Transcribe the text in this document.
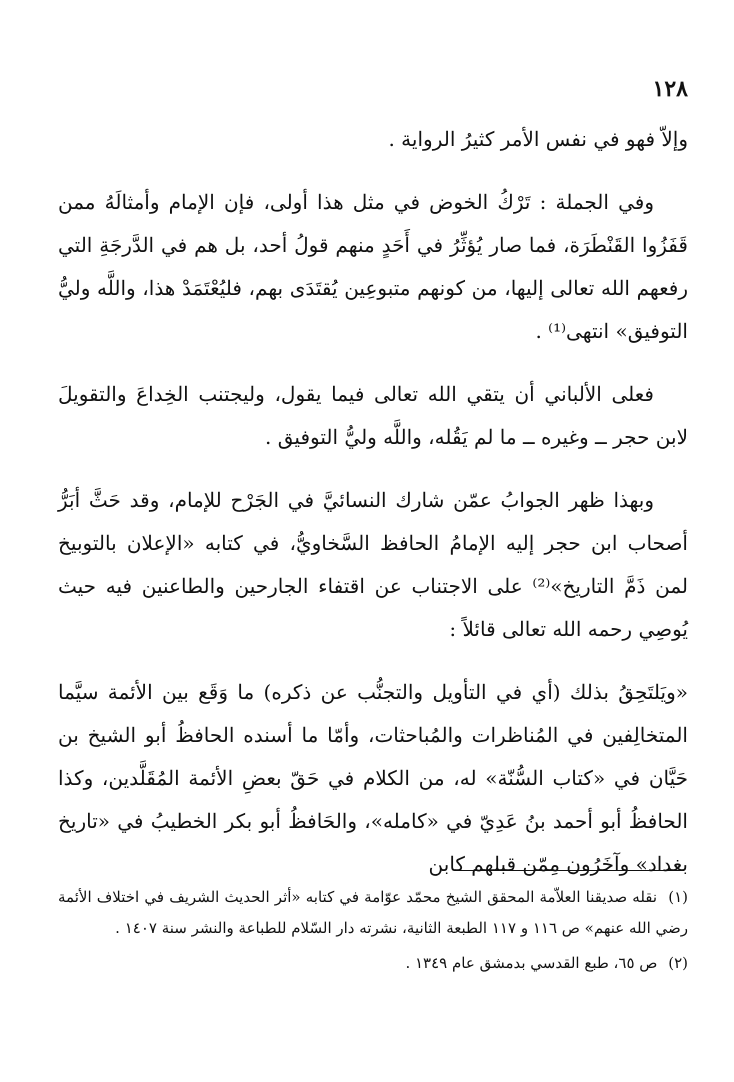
١٢٨

وإلاّ فهو في نفس الأمر كثيرُ الرواية .

وفي الجملة : تَرْكُ الخوض في مثل هذا أولى، فإن الإمام وأمثالَهُ ممن قَفَزُوا القَنْطَرَة، فما صار يُؤثِّرُ في أَحَدٍ منهم قولُ أحد، بل هم في الدَّرجَةِ التي رفعهم الله تعالى إليها، من كونهم متبوعِين يُقتَدَى بهم، فليُعْتَمَدْ هذا، واللَّه وليُّ التوفيق» انتهى⁽¹⁾ .

فعلى الألباني أن يتقي الله تعالى فيما يقول، وليجتنب الخِداعَ والتقويلَ لابن حجر ــ وغيره ــ ما لم يَقُله، واللَّه وليُّ التوفيق .

وبهذا ظهر الجوابُ عمّن شارك النسائيَّ في الجَرْح للإمام، وقد حَثَّ أبَرُّ أصحاب ابن حجر إليه الإمامُ الحافظ السَّخاويُّ، في كتابه «الإعلان بالتوبيخ لمن ذَمَّ التاريخ»⁽²⁾ على الاجتناب عن اقتفاء الجارحين والطاعنين فيه حيث يُوصِي رحمه الله تعالى قائلاً :

«ويَلتَحِقُ بذلك (أي في التأويل والتجنُّب عن ذكره) ما وَقَع بين الأئمة سيَّما المتخالِفين في المُناظرات والمُباحثات، وأمّا ما أسنده الحافظُ أبو الشيخ بن حَيَّان في «كتاب السُّنّة» له، من الكلام في حَقّ بعضِ الأئمة المُقَلَّدين، وكذا الحافظُ أبو أحمد بنُ عَدِيّ في «كامله»، والحَافظُ أبو بكر الخطيبُ في «تاريخ بغداد» وآخَرُون مِمّن قبلهم كابن

(١) نقله صديقنا العلاّمة المحقق الشيخ محمّد عوّامة في كتابه «أثر الحديث الشريف في اختلاف الأئمة رضي الله عنهم» ص ١١٦ و ١١٧ الطبعة الثانية، نشرته دار السّلام للطباعة والنشر سنة ١٤٠٧ .

(٢) ص ٦٥، طبع القدسي بدمشق عام ١٣٤٩ .
